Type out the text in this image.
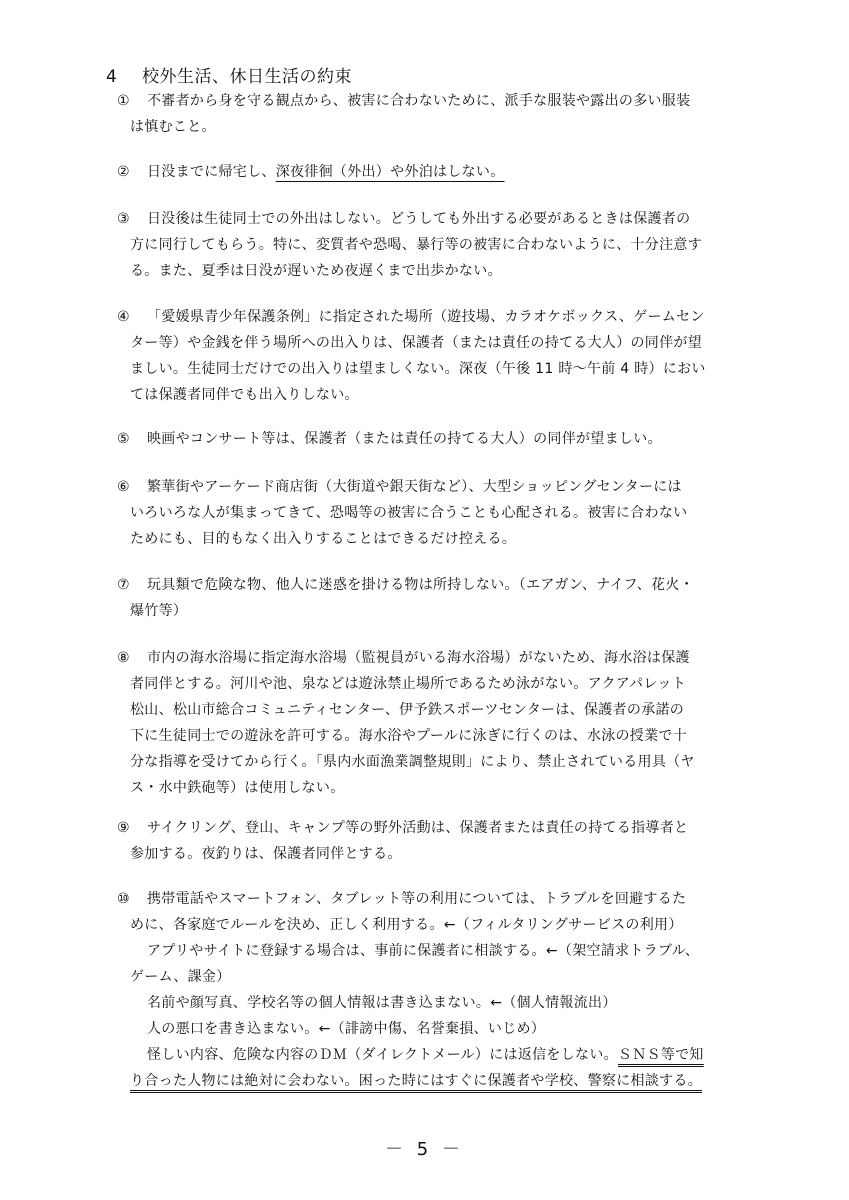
4 校外生活、休日生活の約束
① 不審者から身を守る観点から、被害に合わないために、派手な服装や露出の多い服装
は慎むこと。
② 日没までに帰宅し、深夜徘徊（外出）や外泊はしない。
③ 日没後は生徒同士での外出はしない。どうしても外出する必要があるときは保護者の
方に同行してもらう。特に、変質者や恐喝、暴行等の被害に合わないように、十分注意す
る。また、夏季は日没が遅いため夜遅くまで出歩かない。
④ 「愛媛県青少年保護条例」に指定された場所（遊技場、カラオケボックス、ゲームセン
ター等）や金銭を伴う場所への出入りは、保護者（または責任の持てる大人）の同伴が望
ましい。生徒同士だけでの出入りは望ましくない。深夜（午後 11 時〜午前 4 時）におい
ては保護者同伴でも出入りしない。
⑤ 映画やコンサート等は、保護者（または責任の持てる大人）の同伴が望ましい。
⑥ 繁華街やアーケード商店街（大街道や銀天街など）、大型ショッピングセンターには
いろいろな人が集まってきて、恐喝等の被害に合うことも心配される。被害に合わない
ためにも、目的もなく出入りすることはできるだけ控える。
⑦ 玩具類で危険な物、他人に迷惑を掛ける物は所持しない。（エアガン、ナイフ、花火・
爆竹等）
⑧ 市内の海水浴場に指定海水浴場（監視員がいる海水浴場）がないため、海水浴は保護
者同伴とする。河川や池、泉などは遊泳禁止場所であるため泳がない。アクアパレット
松山、松山市総合コミュニティセンター、伊予鉄スポーツセンターは、保護者の承諾の
下に生徒同士での遊泳を許可する。海水浴やプールに泳ぎに行くのは、水泳の授業で十
分な指導を受けてから行く。「県内水面漁業調整規則」により、禁止されている用具（ヤ
ス・水中鉄砲等）は使用しない。
⑨ サイクリング、登山、キャンプ等の野外活動は、保護者または責任の持てる指導者と
参加する。夜釣りは、保護者同伴とする。
⑩ 携帯電話やスマートフォン、タブレット等の利用については、トラブルを回避するた
めに、各家庭でルールを決め、正しく利用する。←（フィルタリングサービスの利用）
アプリやサイトに登録する場合は、事前に保護者に相談する。←（架空請求トラブル、
ゲーム、課金）
名前や顔写真、学校名等の個人情報は書き込まない。←（個人情報流出）
人の悪口を書き込まない。←（誹謗中傷、名誉棄損、いじめ）
怪しい内容、危険な内容のＤＭ（ダイレクトメール）には返信をしない。ＳＮＳ等で知
り合った人物には絶対に会わない。困った時にはすぐに保護者や学校、警察に相談する。
－ 5 －
